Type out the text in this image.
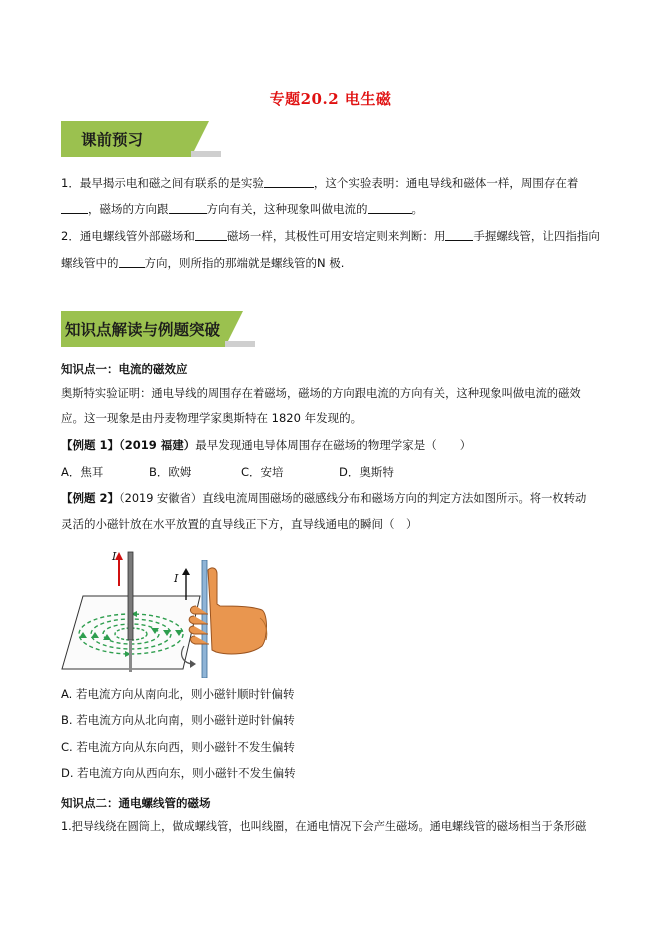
专题20.2 电生磁
课前预习
1．最早揭示电和磁之间有联系的是实验	，这个实验表明：通电导线和磁体一样，周围存在着
，磁场的方向跟	方向有关，这种现象叫做电流的	。
2．通电螺线管外部磁场和	磁场一样，其极性可用安培定则来判断：用 手握螺线管，让四指指向
螺线管中的 方向，则所指的那端就是螺线管的N 极.
知识点解读与例题突破
知识点一：电流的磁效应
奥斯特实验证明：通电导线的周围存在着磁场，磁场的方向跟电流的方向有关，这种现象叫做电流的磁效
应。这一现象是由丹麦物理学家奥斯特在 1820 年发现的。
【例题 1】（2019 福建）最早发现通电导体周围存在磁场的物理学家是（　　）
A．焦耳	B．欧姆	C．安培	D．奥斯特
【例题 2】（2019 安徽省）直线电流周围磁场的磁感线分布和磁场方向的判定方法如图所示。将一枚转动
灵活的小磁针放在水平放置的直导线正下方，直导线通电的瞬间（　）
I
I
A. 若电流方向从南向北，则小磁针顺时针偏转
B. 若电流方向从北向南，则小磁针逆时针偏转
C. 若电流方向从东向西，则小磁针不发生偏转
D. 若电流方向从西向东，则小磁针不发生偏转
知识点二：通电螺线管的磁场
1.把导线绕在圆筒上，做成螺线管，也叫线圈，在通电情况下会产生磁场。通电螺线管的磁场相当于条形磁
